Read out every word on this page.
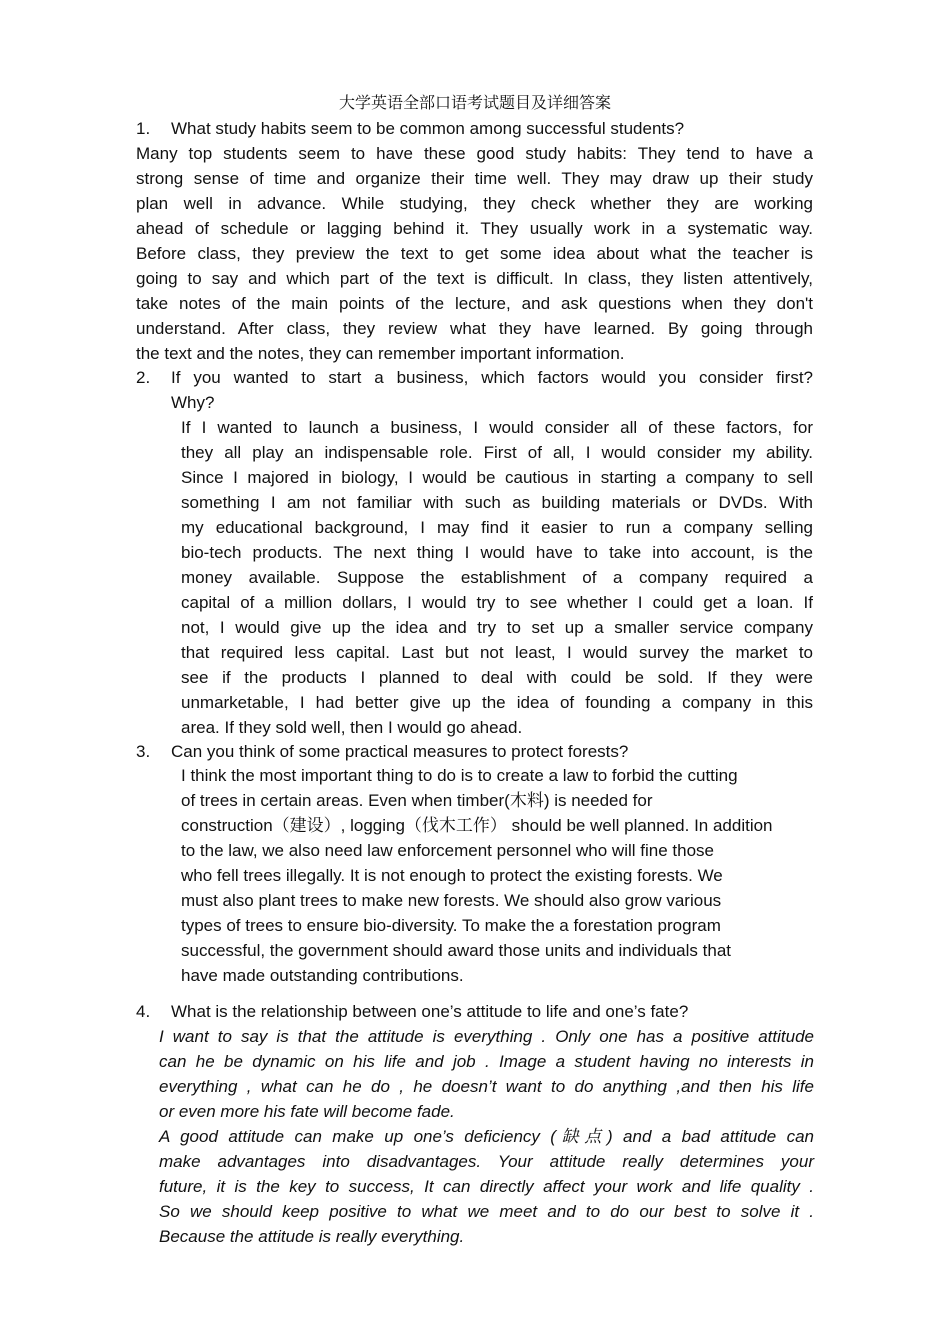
大学英语全部口语考试题目及详细答案
1. What study habits seem to be common among successful students?
Many top students seem to have these good study habits: They tend to have a
strong sense of time and organize their time well. They may draw up their study
plan well in advance. While studying, they check whether they are working
ahead of schedule or lagging behind it. They usually work in a systematic way.
Before class, they preview the text to get some idea about what the teacher is
going to say and which part of the text is difficult. In class, they listen attentively,
take notes of the main points of the lecture, and ask questions when they don't
understand. After class, they review what they have learned. By going through
the text and the notes, they can remember important information.
2. If you wanted to start a business, which factors would you consider first?
Why?
If I wanted to launch a business, I would consider all of these factors, for
they all play an indispensable role. First of all, I would consider my ability.
Since I majored in biology, I would be cautious in starting a company to sell
something I am not familiar with such as building materials or DVDs. With
my educational background, I may find it easier to run a company selling
bio-tech products. The next thing I would have to take into account, is the
money available. Suppose the establishment of a company required a
capital of a million dollars, I would try to see whether I could get a loan. If
not, I would give up the idea and try to set up a smaller service company
that required less capital. Last but not least, I would survey the market to
see if the products I planned to deal with could be sold. If they were
unmarketable, I had better give up the idea of founding a company in this
area. If they sold well, then I would go ahead.
3. Can you think of some practical measures to protect forests?
I think the most important thing to do is to create a law to forbid the cutting
of trees in certain areas. Even when timber(木料) is needed for
construction（建设）, logging（伐木工作） should be well planned. In addition
to the law, we also need law enforcement personnel who will fine those
who fell trees illegally. It is not enough to protect the existing forests. We
must also plant trees to make new forests. We should also grow various
types of trees to ensure bio-diversity. To make the a forestation program
successful, the government should award those units and individuals that
have made outstanding contributions.
4. What is the relationship between one’s attitude to life and one’s fate?
I want to say is that the attitude is everything . Only one has a positive attitude
can he be dynamic on his life and job . Image a student having no interests in
everything , what can he do , he doesn’t want to do anything ,and then his life
or even more his fate will become fade.
A good attitude can make up one’s deficiency (缺点) and a bad attitude can
make advantages into disadvantages. Your attitude really determines your
future, it is the key to success, It can directly affect your work and life quality .
So we should keep positive to what we meet and to do our best to solve it .
Because the attitude is really everything.
